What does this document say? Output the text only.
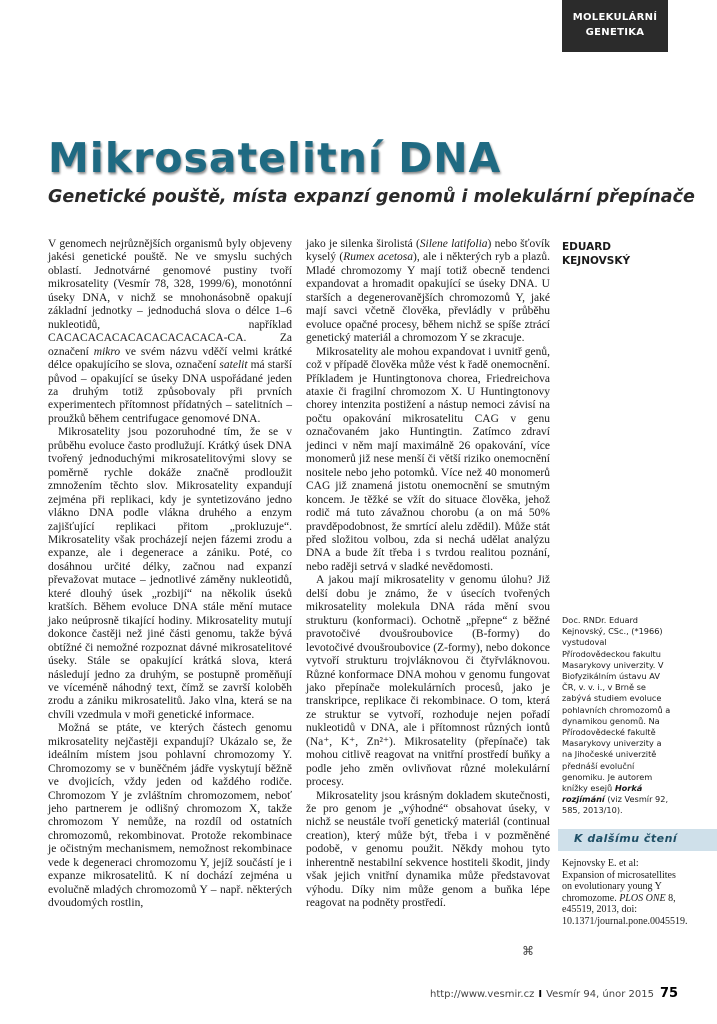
MOLEKULÁRNÍ
GENETIKA
Mikrosatelitní DNA
Genetické pouště, místa expanzí genomů i molekulární přepínače

V genomech nejrůznějších organismů byly objeveny jakési genetické pouště. Ne ve smyslu suchých oblastí. Jednotvárné genomové pustiny tvoří mikrosatelity (Vesmír 78, 328, 1999/6), monotónní úseky DNA, v nichž se mnohonásobně opakují základní jednotky – jednoduchá slova o délce 1–6 nukleotidů, například CACACACACACACACACACACA-CA. Za označení mikro ve svém názvu vděčí velmi krátké délce opakujícího se slova, označení satelit má starší původ – opakující se úseky DNA uspořádané jeden za druhým totiž způsobovaly při prvních experimentech přítomnost přídatných – satelitních – proužků během centrifugace genomové DNA.

Mikrosatelity jsou pozoruhodné tím, že se v průběhu evoluce často prodlužují. Krátký úsek DNA tvořený jednoduchými mikrosatelitovými slovy se poměrně rychle dokáže značně prodloužit zmnožením těchto slov. Mikrosatelity expandují zejména při replikaci, kdy je syntetizováno jedno vlákno DNA podle vlákna druhého a enzym zajišťující replikaci přitom „prokluzuje“. Mikrosatelity však procházejí nejen fázemi zrodu a expanze, ale i degenerace a zániku. Poté, co dosáhnou určité délky, začnou nad expanzí převažovat mutace – jednotlivé záměny nukleotidů, které dlouhý úsek „rozbijí“ na několik úseků kratších. Během evoluce DNA stále mění mutace jako neúprosně tikající hodiny. Mikrosatelity mutují dokonce častěji než jiné části genomu, takže bývá obtížné či nemožné rozpoznat dávné mikrosatelitové úseky. Stále se opakující krátká slova, která následují jedno za druhým, se postupně proměňují ve víceméně náhodný text, čímž se završí koloběh zrodu a zániku mikrosatelitů. Jako vlna, která se na chvíli vzedmula v moři genetické informace.

Možná se ptáte, ve kterých částech genomu mikrosatelity nejčastěji expandují? Ukázalo se, že ideálním místem jsou pohlavní chromozomy Y. Chromozomy se v buněčném jádře vyskytují běžně ve dvojicích, vždy jeden od každého rodiče. Chromozom Y je zvláštním chromozomem, neboť jeho partnerem je odlišný chromozom X, takže chromozom Y nemůže, na rozdíl od ostatních chromozomů, rekombinovat. Protože rekombinace je očistným mechanismem, nemožnost rekombinace vede k degeneraci chromozomu Y, jejíž součástí je i expanze mikrosatelitů. K ní dochází zejména u evolučně mladých chromozomů Y – např. některých dvoudomých rostlin,

jako je silenka širolistá (Silene latifolia) nebo šťovík kyselý (Rumex acetosa), ale i některých ryb a plazů. Mladé chromozomy Y mají totiž obecně tendenci expandovat a hromadit opakující se úseky DNA. U starších a degenerovanějších chromozomů Y, jaké mají savci včetně člověka, převládly v průběhu evoluce opačné procesy, během nichž se spíše ztrácí genetický materiál a chromozom Y se zkracuje.

Mikrosatelity ale mohou expandovat i uvnitř genů, což v případě člověka může vést k řadě onemocnění. Příkladem je Huntingtonova chorea, Friedreichova ataxie či fragilní chromozom X. U Huntingtonovy chorey intenzita postižení a nástup nemoci závisí na počtu opakování mikrosatelitu CAG v genu označovaném jako Huntingtin. Zatímco zdraví jedinci v něm mají maximálně 26 opakování, více monomerů již nese menší či větší riziko onemocnění nositele nebo jeho potomků. Více než 40 monomerů CAG již znamená jistotu onemocnění se smutným koncem. Je těžké se vžít do situace člověka, jehož rodič má tuto závažnou chorobu (a on má 50% pravděpodobnost, že smrtící alelu zdědil). Může stát před složitou volbou, zda si nechá udělat analýzu DNA a bude žít třeba i s tvrdou realitou poznání, nebo raději setrvá v sladké nevědomosti.

A jakou mají mikrosatelity v genomu úlohu? Již delší dobu je známo, že v úsecích tvořených mikrosatelity molekula DNA ráda mění svou strukturu (konformaci). Ochotně „přepne“ z běžné pravotočivé dvoušroubovice (B-formy) do levotočivé dvoušroubovice (Z-formy), nebo dokonce vytvoří strukturu trojvláknovou či čtyřvláknovou. Různé konformace DNA mohou v genomu fungovat jako přepínače molekulárních procesů, jako je transkripce, replikace či rekombinace. O tom, která ze struktur se vytvoří, rozhoduje nejen pořadí nukleotidů v DNA, ale i přítomnost různých iontů (Na⁺, K⁺, Zn²⁺). Mikrosatelity (přepínače) tak mohou citlivě reagovat na vnitřní prostředí buňky a podle jeho změn ovlivňovat různé molekulární procesy.

Mikrosatelity jsou krásným dokladem skutečnosti, že pro genom je „výhodné“ obsahovat úseky, v nichž se neustále tvoří genetický materiál (continual creation), který může být, třeba i v pozměněné podobě, v genomu použit. Někdy mohou tyto inherentně nestabilní sekvence hostiteli škodit, jindy však jejich vnitřní dynamika může představovat výhodu. Díky nim může genom a buňka lépe reagovat na podněty prostředí.

EDUARD
KEJNOVSKÝ
Doc. RNDr. Eduard Kejnovský, CSc., (*1966) vystudoval Přírodovědeckou fakultu Masarykovy univerzity. V Biofyzikálním ústavu AV ČR, v. v. i., v Brně se zabývá studiem evoluce pohlavních chromozomů a dynamikou genomů. Na Přírodovědecké fakultě Masarykovy univerzity a na Jihočeské univerzitě přednáší evoluční genomiku. Je autorem knížky esejů Horká rozjímání (viz Vesmír 92, 585, 2013/10).
K dalšímu čtení
Kejnovsky E. et al: Expansion of microsatellites on evolutionary young Y chromozome. PLOS ONE 8, e45519, 2013, doi: 10.1371/journal.pone.0045519.
⌘
http://www.vesmir.cz I Vesmír 94, únor 2015 75
